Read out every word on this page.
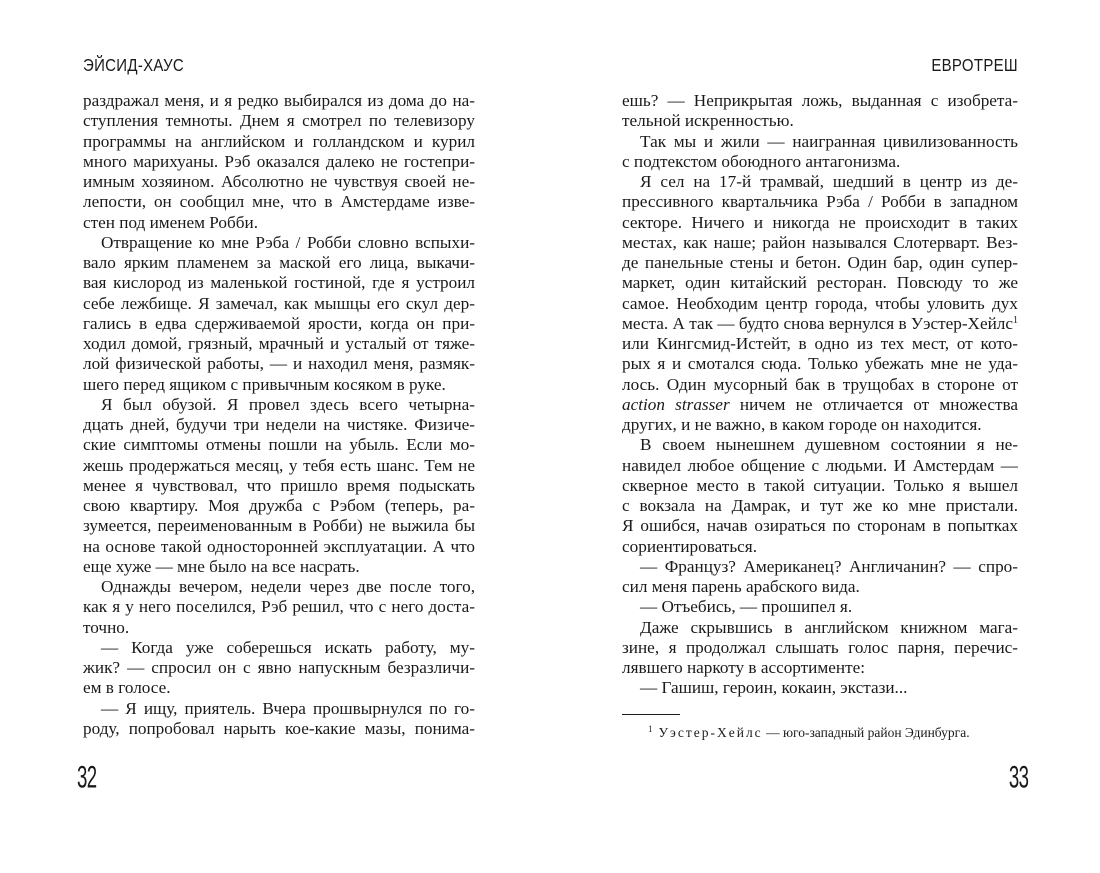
ЭЙСИД-ХАУС
раздражал меня, и я редко выбирался из дома до на-
ступления темноты. Днем я смотрел по телевизору
программы на английском и голландском и курил
много марихуаны. Рэб оказался далеко не гостепри-
имным хозяином. Абсолютно не чувствуя своей не-
лепости, он сообщил мне, что в Амстердаме изве-
стен под именем Робби.
Отвращение ко мне Рэба / Робби словно вспыхи-
вало ярким пламенем за маской его лица, выкачи-
вая кислород из маленькой гостиной, где я устроил
себе лежбище. Я замечал, как мышцы его скул дер-
гались в едва сдерживаемой ярости, когда он при-
ходил домой, грязный, мрачный и усталый от тяже-
лой физической работы, — и находил меня, размяк-
шего перед ящиком с привычным косяком в руке.
Я был обузой. Я провел здесь всего четырна-
дцать дней, будучи три недели на чистяке. Физиче-
ские симптомы отмены пошли на убыль. Если мо-
жешь продержаться месяц, у тебя есть шанс. Тем не
менее я чувствовал, что пришло время подыскать
свою квартиру. Моя дружба с Рэбом (теперь, ра-
зумеется, переименованным в Робби) не выжила бы
на основе такой односторонней эксплуатации. А что
еще хуже — мне было на все насрать.
Однажды вечером, недели через две после того,
как я у него поселился, Рэб решил, что с него доста-
точно.
— Когда уже соберешься искать работу, му-
жик? — спросил он с явно напускным безразличи-
ем в голосе.
— Я ищу, приятель. Вчера прошвырнулся по го-
роду, попробовал нарыть кое-какие мазы, понима-
32
ЕВРОТРЕШ
ешь? — Неприкрытая ложь, выданная с изобрета-
тельной искренностью.
Так мы и жили — наигранная цивилизованность
с подтекстом обоюдного антагонизма.
Я сел на 17-й трамвай, шедший в центр из де-
прессивного квартальчика Рэба / Робби в западном
секторе. Ничего и никогда не происходит в таких
местах, как наше; район назывался Слотерварт. Вез-
де панельные стены и бетон. Один бар, один супер-
маркет, один китайский ресторан. Повсюду то же
самое. Необходим центр города, чтобы уловить дух
места. А так — будто снова вернулся в Уэстер-Хейлс$^1$
или Кингсмид-Истейт, в одно из тех мест, от кото-
рых я и смотался сюда. Только убежать мне не уда-
лось. Один мусорный бак в трущобах в стороне от
action strasser ничем не отличается от множества
других, и не важно, в каком городе он находится.
В своем нынешнем душевном состоянии я не-
навидел любое общение с людьми. И Амстердам —
скверное место в такой ситуации. Только я вышел
с вокзала на Дамрак, и тут же ко мне пристали.
Я ошибся, начав озираться по сторонам в попытках
сориентироваться.
— Француз? Американец? Англичанин? — спро-
сил меня парень арабского вида.
— Отъебись, — прошипел я.
Даже скрывшись в английском книжном мага-
зине, я продолжал слышать голос парня, перечис-
лявшего наркоту в ассортименте:
— Гашиш, героин, кокаин, экстази...
$^1$ Уэстер-Хейлс — юго-западный район Эдинбурга.
33
